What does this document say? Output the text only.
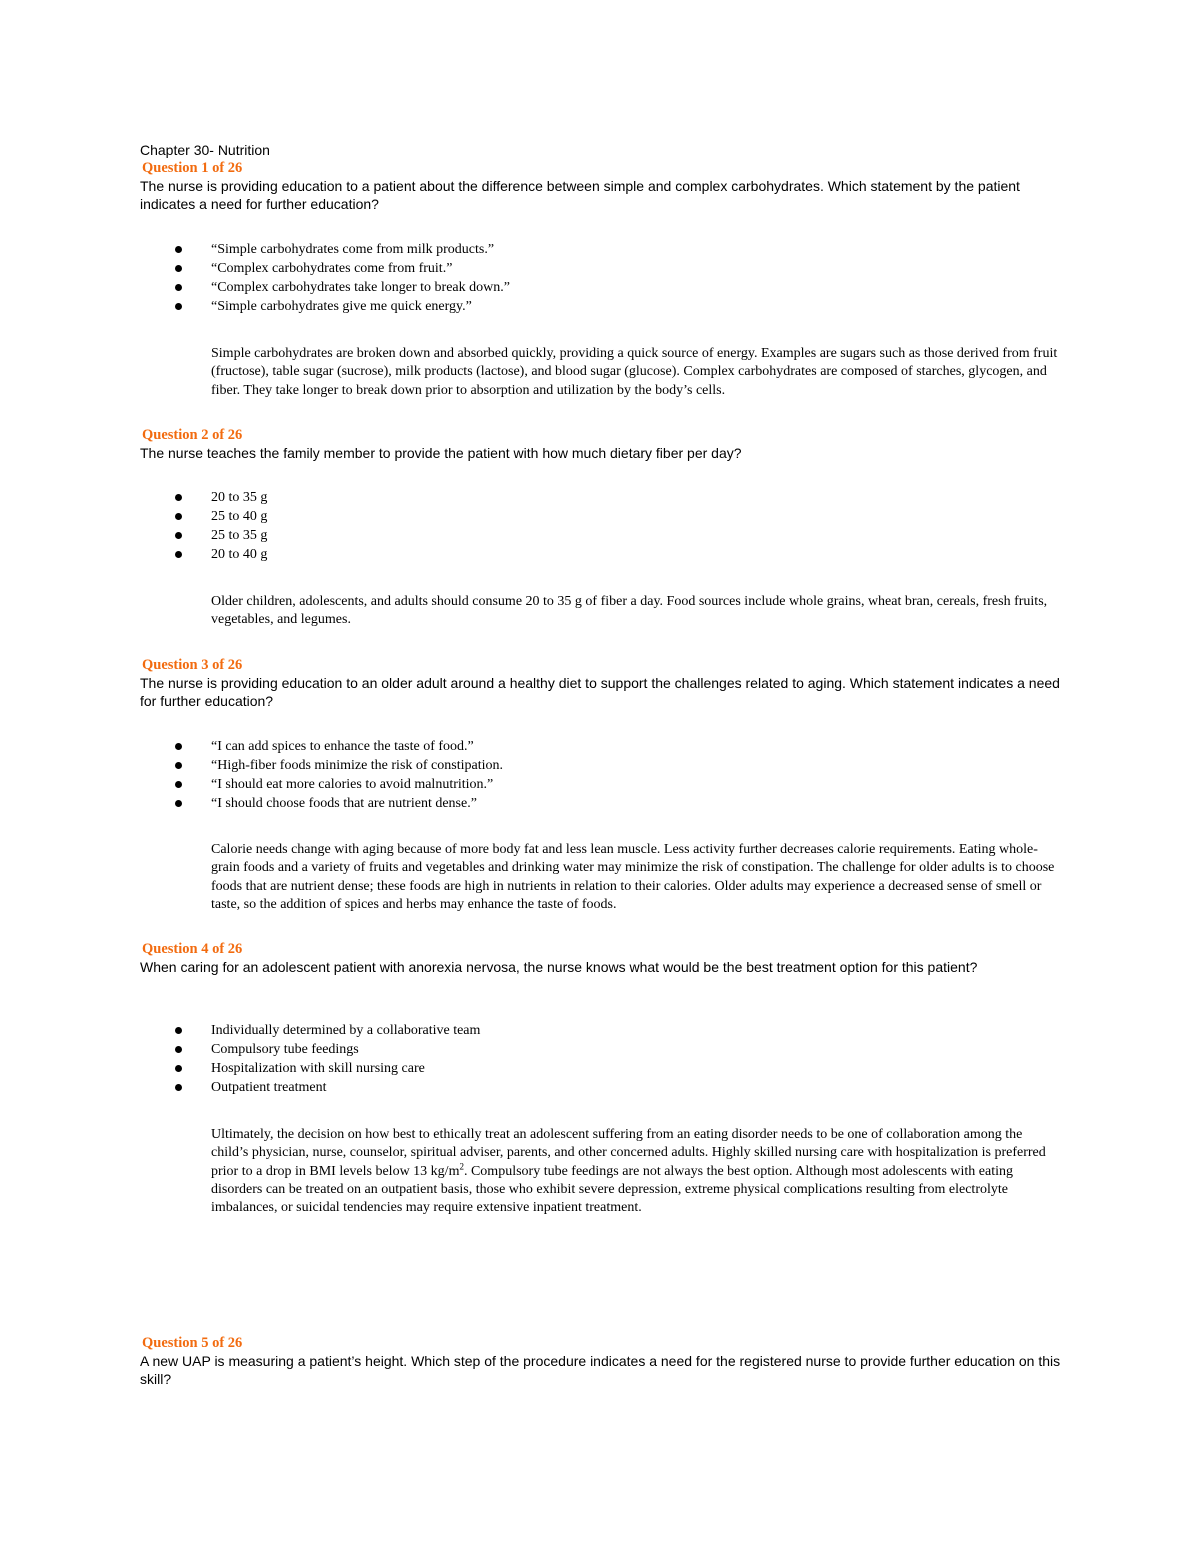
Chapter 30- Nutrition

Question 1 of 26

The nurse is providing education to a patient about the difference between simple and complex carbohydrates. Which statement by the patient indicates a need for further education?

“Simple carbohydrates come from milk products.”
“Complex carbohydrates come from fruit.”
“Complex carbohydrates take longer to break down.”
“Simple carbohydrates give me quick energy.”

Simple carbohydrates are broken down and absorbed quickly, providing a quick source of energy. Examples are sugars such as those derived from fruit (fructose), table sugar (sucrose), milk products (lactose), and blood sugar (glucose). Complex carbohydrates are composed of starches, glycogen, and fiber. They take longer to break down prior to absorption and utilization by the body’s cells.

Question 2 of 26

The nurse teaches the family member to provide the patient with how much dietary fiber per day?

20 to 35 g
25 to 40 g
25 to 35 g
20 to 40 g

Older children, adolescents, and adults should consume 20 to 35 g of fiber a day. Food sources include whole grains, wheat bran, cereals, fresh fruits, vegetables, and legumes.

Question 3 of 26

The nurse is providing education to an older adult around a healthy diet to support the challenges related to aging. Which statement indicates a need for further education?

“I can add spices to enhance the taste of food.”
“High-fiber foods minimize the risk of constipation.
“I should eat more calories to avoid malnutrition.”
“I should choose foods that are nutrient dense.”

Calorie needs change with aging because of more body fat and less lean muscle. Less activity further decreases calorie requirements. Eating whole-grain foods and a variety of fruits and vegetables and drinking water may minimize the risk of constipation. The challenge for older adults is to choose foods that are nutrient dense; these foods are high in nutrients in relation to their calories. Older adults may experience a decreased sense of smell or taste, so the addition of spices and herbs may enhance the taste of foods.

Question 4 of 26

When caring for an adolescent patient with anorexia nervosa, the nurse knows what would be the best treatment option for this patient?

Individually determined by a collaborative team
Compulsory tube feedings
Hospitalization with skill nursing care
Outpatient treatment

Ultimately, the decision on how best to ethically treat an adolescent suffering from an eating disorder needs to be one of collaboration among the child’s physician, nurse, counselor, spiritual adviser, parents, and other concerned adults. Highly skilled nursing care with hospitalization is preferred prior to a drop in BMI levels below 13 $kg/m^2$. Compulsory tube feedings are not always the best option. Although most adolescents with eating disorders can be treated on an outpatient basis, those who exhibit severe depression, extreme physical complications resulting from electrolyte imbalances, or suicidal tendencies may require extensive inpatient treatment.

Question 5 of 26

A new UAP is measuring a patient’s height. Which step of the procedure indicates a need for the registered nurse to provide further education on this skill?
